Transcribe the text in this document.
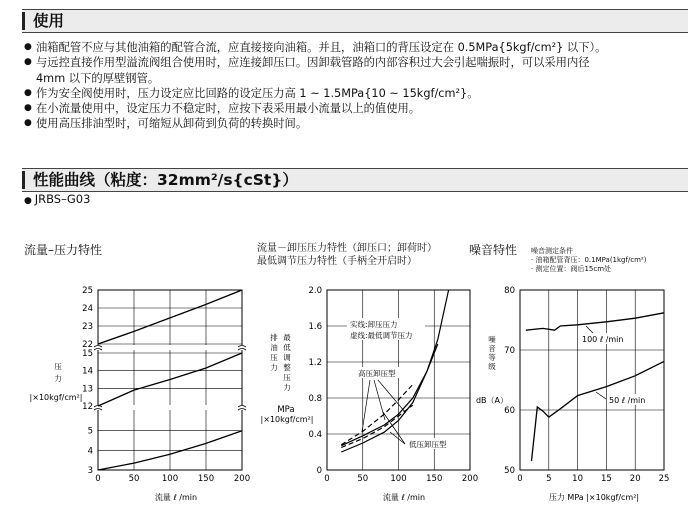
使用
● 油箱配管不应与其他油箱的配管合流，应直接接向油箱。并且，油箱口的背压设定在 0.5MPa{5kgf/cm²} 以下）。
● 与远控直接作用型溢流阀组合使用时，应连接卸压口。因卸载管路的内部容积过大会引起喘振时，可以采用内径
4mm 以下的厚壁钢管。
● 作为安全阀使用时，压力设定应比回路的设定压力高 1 ~ 1.5MPa{10 ~ 15kgf/cm²}。
● 在小流量使用中，设定压力不稳定时，应按下表采用最小流量以上的值使用。
● 使用高压排油型时，可缩短从卸荷到负荷的转换时间。
性能曲线（粘度：32mm²/s{cSt}）
● JRBS–G03
流量–压力特性	流量－卸压压力特性（卸压口；卸荷时）
最低调节压力特性（手柄全开启时）
噪音特性 噪音测定条件
· 油箱配管背压：0.1MPa(1kgf/cm²)
· 测定位置：阀后15cm处
3
4
5
12
13
14
15
22
23
24
25
0	50	100 150 200
流量 ℓ /min
压
力
|×10kgf/cm²|
0
0.4
0.8
1.2
1.6
2.0
0	50	100 150 200
实线:卸压压力
虚线:最低调节压力
高压卸压型
低压卸压型
排
油
压
力
最
低
调
整
压
力
MPa
|×10kgf/cm²|
流量 ℓ /min
50
60
70
80
0	5 10 15 20 25
100 ℓ /min
50 ℓ /min
噪
音
等
级
dB（A）
压力 MPa |×10kgf/cm²|
